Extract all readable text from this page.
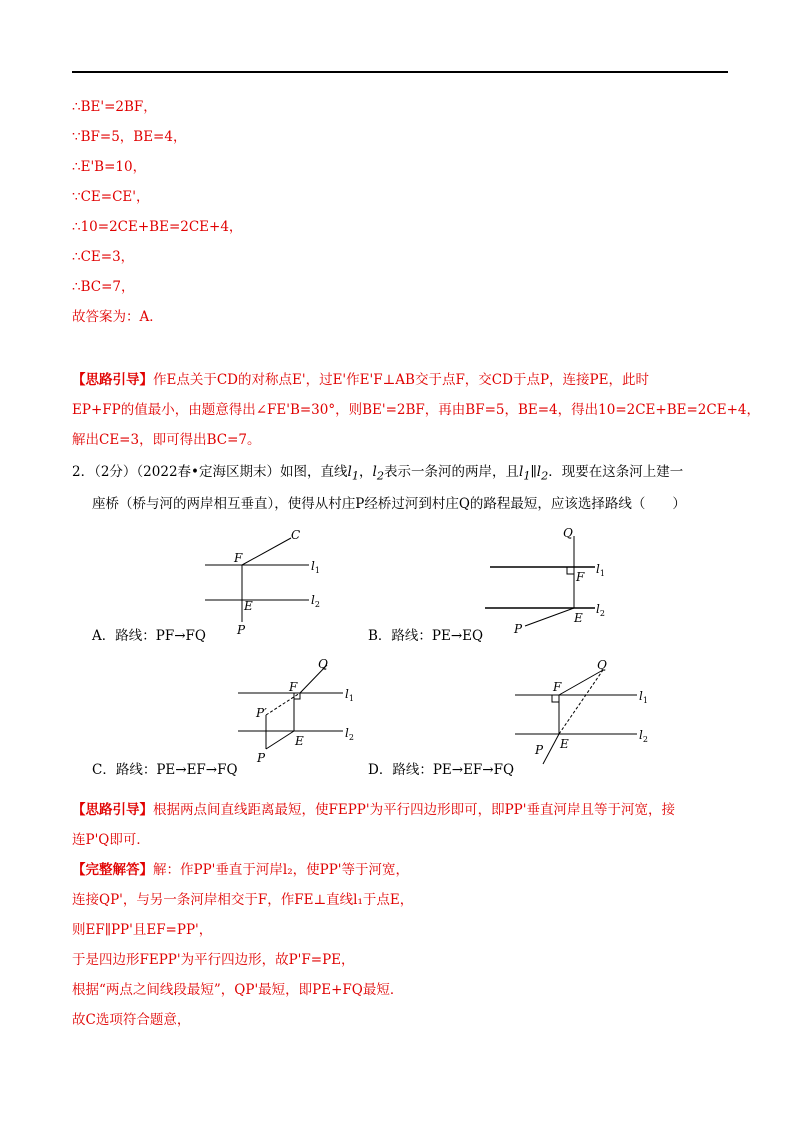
∴BE'=2BF，
∵BF=5，BE=4，
∴E'B=10，
∵CE=CE'，
∴10=2CE+BE=2CE+4，
∴CE=3，
∴BC=7，
故答案为：A．
【思路引导】作E点关于CD的对称点E'，过E'作E'F⊥AB交于点F，交CD于点P，连接PE，此时
EP+FP的值最小，由题意得出∠FE'B=30°，则BE'=2BF，再由BF=5，BE=4，得出10=2CE+BE=2CE+4，
解出CE=3，即可得出BC=7。
2．（2分）（2022春•定海区期末）如图，直线$l_1$，$l_2$表示一条河的两岸，且$l_1\parallel l_2$．现要在这条河上建一
座桥（桥与河的两岸相互垂直），使得从村庄P经桥过河到村庄Q的路程最短，应该选择路线（　　）
F
C
E
P
$l_1$
$l_2$
A．路线：PF→FQ
Q
F
E
P
$l_1$
$l_2$
B．路线：PE→EQ
Q
F
P′
E
P
$l_1$
$l_2$
C．路线：PE→EF→FQ
Q
F
E
P
$l_1$
$l_2$
D．路线：PE→EF→FQ
【思路引导】根据两点间直线距离最短，使FEPP'为平行四边形即可，即PP'垂直河岸且等于河宽，接
连P'Q即可．
【完整解答】解：作PP'垂直于河岸l₂，使PP'等于河宽，
连接QP'，与另一条河岸相交于F，作FE⊥直线l₁于点E，
则EF∥PP'且EF=PP'，
于是四边形FEPP'为平行四边形，故P'F=PE，
根据“两点之间线段最短”，QP'最短，即PE+FQ最短．
故C选项符合题意，
